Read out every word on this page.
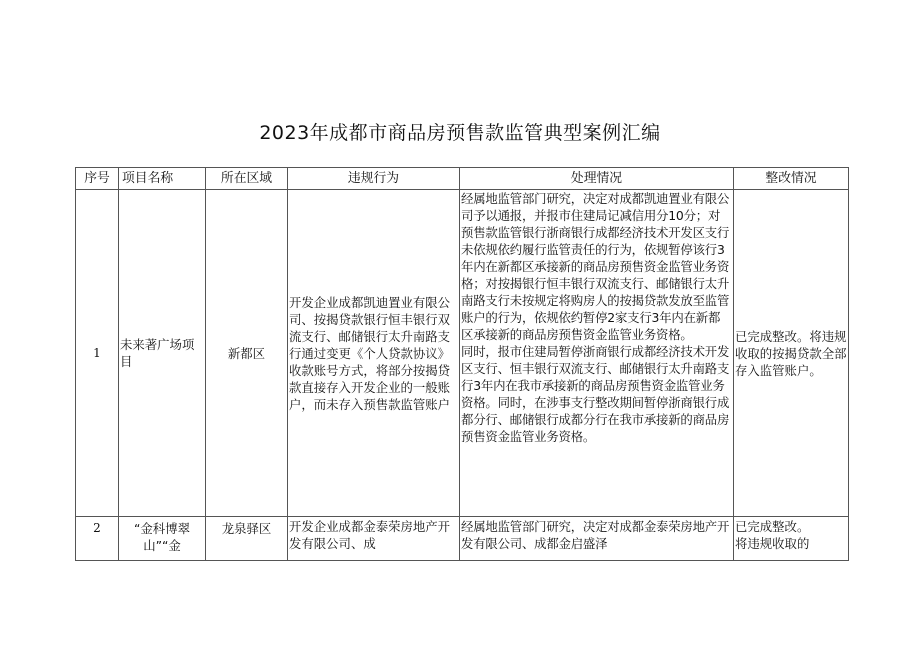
2023年成都市商品房预售款监管典型案例汇编
序号	项目名称	所在区域	违规行为	处理情况	整改情况
1	未来著广场项目	新都区	开发企业成都凯迪置业有限公司、按揭贷款银行恒丰银行双流支行、邮储银行太升南路支行通过变更《个人贷款协议》收款账号方式，将部分按揭贷款直接存入开发企业的一般账户，而未存入预售款监管账户	经属地监管部门研究，决定对成都凯迪置业有限公司予以通报，并报市住建局记减信用分10分；对预售款监管银行浙商银行成都经济技术开发区支行未依规依约履行监管责任的行为，依规暂停该行3年内在新都区承接新的商品房预售资金监管业务资格；对按揭银行恒丰银行双流支行、邮储银行太升南路支行未按规定将购房人的按揭贷款发放至监管账户的行为，依规依约暂停2家支行3年内在新都区承接新的商品房预售资金监管业务资格。
同时，报市住建局暂停浙商银行成都经济技术开发区支行、恒丰银行双流支行、邮储银行太升南路支行3年内在我市承接新的商品房预售资金监管业务资格。同时，在涉事支行整改期间暂停浙商银行成都分行、邮储银行成都分行在我市承接新的商品房预售资金监管业务资格。	已完成整改。将违规收取的按揭贷款全部存入监管账户。
2	“金科博翠山”“金	龙泉驿区	开发企业成都金泰荣房地产开发有限公司、成	经属地监管部门研究，决定对成都金泰荣房地产开发有限公司、成都金启盛泽	已完成整改。
将违规收取的
